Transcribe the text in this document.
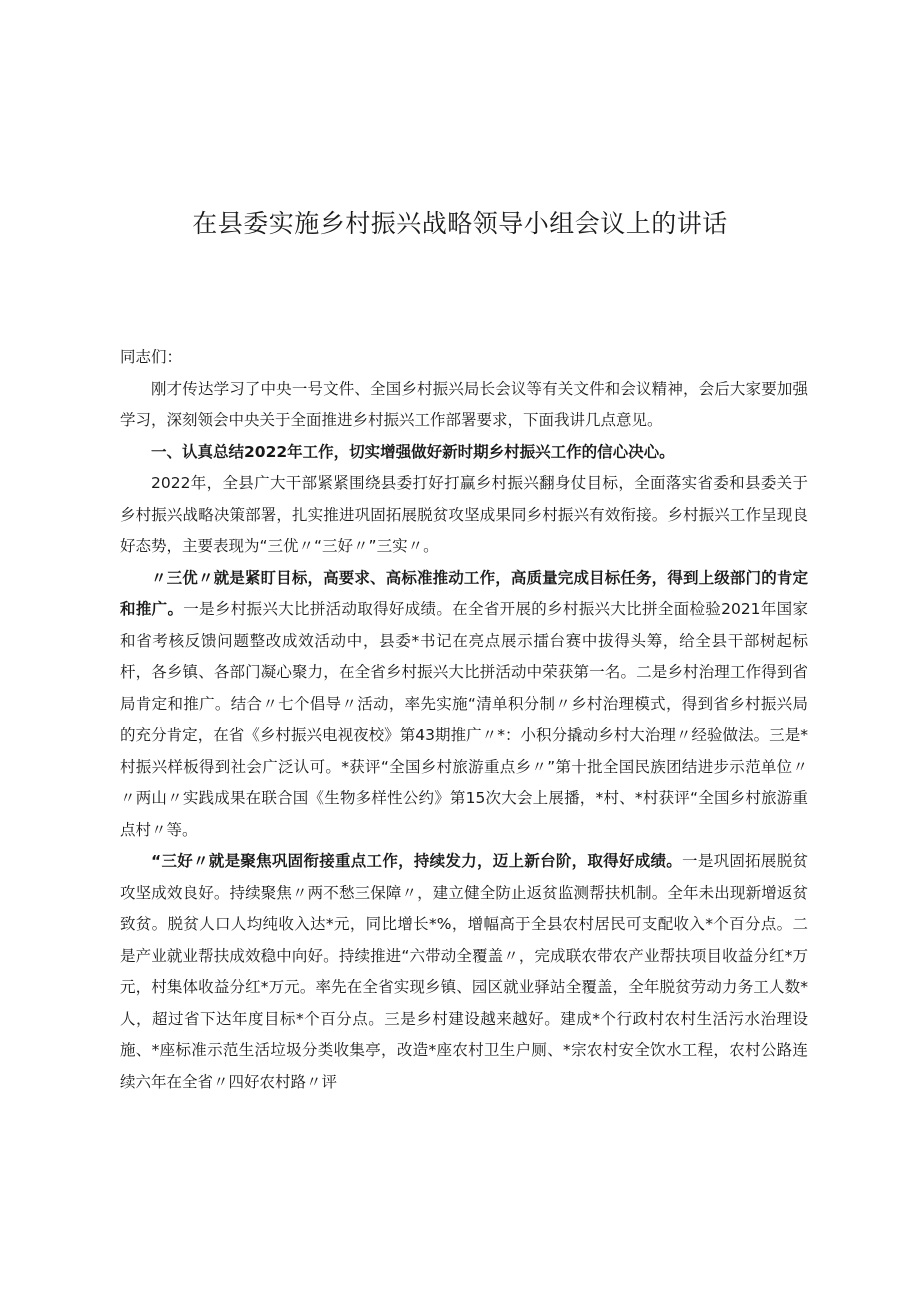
在县委实施乡村振兴战略领导小组会议上的讲话

同志们：

刚才传达学习了中央一号文件、全国乡村振兴局长会议等有关文件和会议精神，会后大家要加强学习，深刻领会中央关于全面推进乡村振兴工作部署要求，下面我讲几点意见。

一、认真总结2022年工作，切实增强做好新时期乡村振兴工作的信心决心。

2022年，全县广大干部紧紧围绕县委打好打赢乡村振兴翻身仗目标，全面落实省委和县委关于乡村振兴战略决策部署，扎实推进巩固拓展脱贫攻坚成果同乡村振兴有效衔接。乡村振兴工作呈现良好态势，主要表现为“三优〃“三好〃”三实〃。

〃三优〃就是紧盯目标，高要求、高标准推动工作，高质量完成目标任务，得到上级部门的肯定和推广。一是乡村振兴大比拼活动取得好成绩。在全省开展的乡村振兴大比拼全面检验2021年国家和省考核反馈问题整改成效活动中，县委*书记在亮点展示擂台赛中拔得头筹，给全县干部树起标杆，各乡镇、各部门凝心聚力，在全省乡村振兴大比拼活动中荣获第一名。二是乡村治理工作得到省局肯定和推广。结合〃七个倡导〃活动，率先实施“清单积分制〃乡村治理模式，得到省乡村振兴局的充分肯定，在省《乡村振兴电视夜校》第43期推广〃*：小积分撬动乡村大治理〃经验做法。三是*村振兴样板得到社会广泛认可。*获评“全国乡村旅游重点乡〃”第十批全国民族团结进步示范单位〃〃两山〃实践成果在联合国《生物多样性公约》第15次大会上展播，*村、*村获评“全国乡村旅游重点村〃等。

“三好〃就是聚焦巩固衔接重点工作，持续发力，迈上新台阶，取得好成绩。一是巩固拓展脱贫攻坚成效良好。持续聚焦〃两不愁三保障〃，建立健全防止返贫监测帮扶机制。全年未出现新增返贫致贫。脱贫人口人均纯收入达*元，同比增长*%，增幅高于全县农村居民可支配收入*个百分点。二是产业就业帮扶成效稳中向好。持续推进“六带动全覆盖〃，完成联农带农产业帮扶项目收益分红*万元，村集体收益分红*万元。率先在全省实现乡镇、园区就业驿站全覆盖，全年脱贫劳动力务工人数*人，超过省下达年度目标*个百分点。三是乡村建设越来越好。建成*个行政村农村生活污水治理设施、*座标准示范生活垃圾分类收集亭，改造*座农村卫生户厕、*宗农村安全饮水工程，农村公路连续六年在全省〃四好农村路〃评
